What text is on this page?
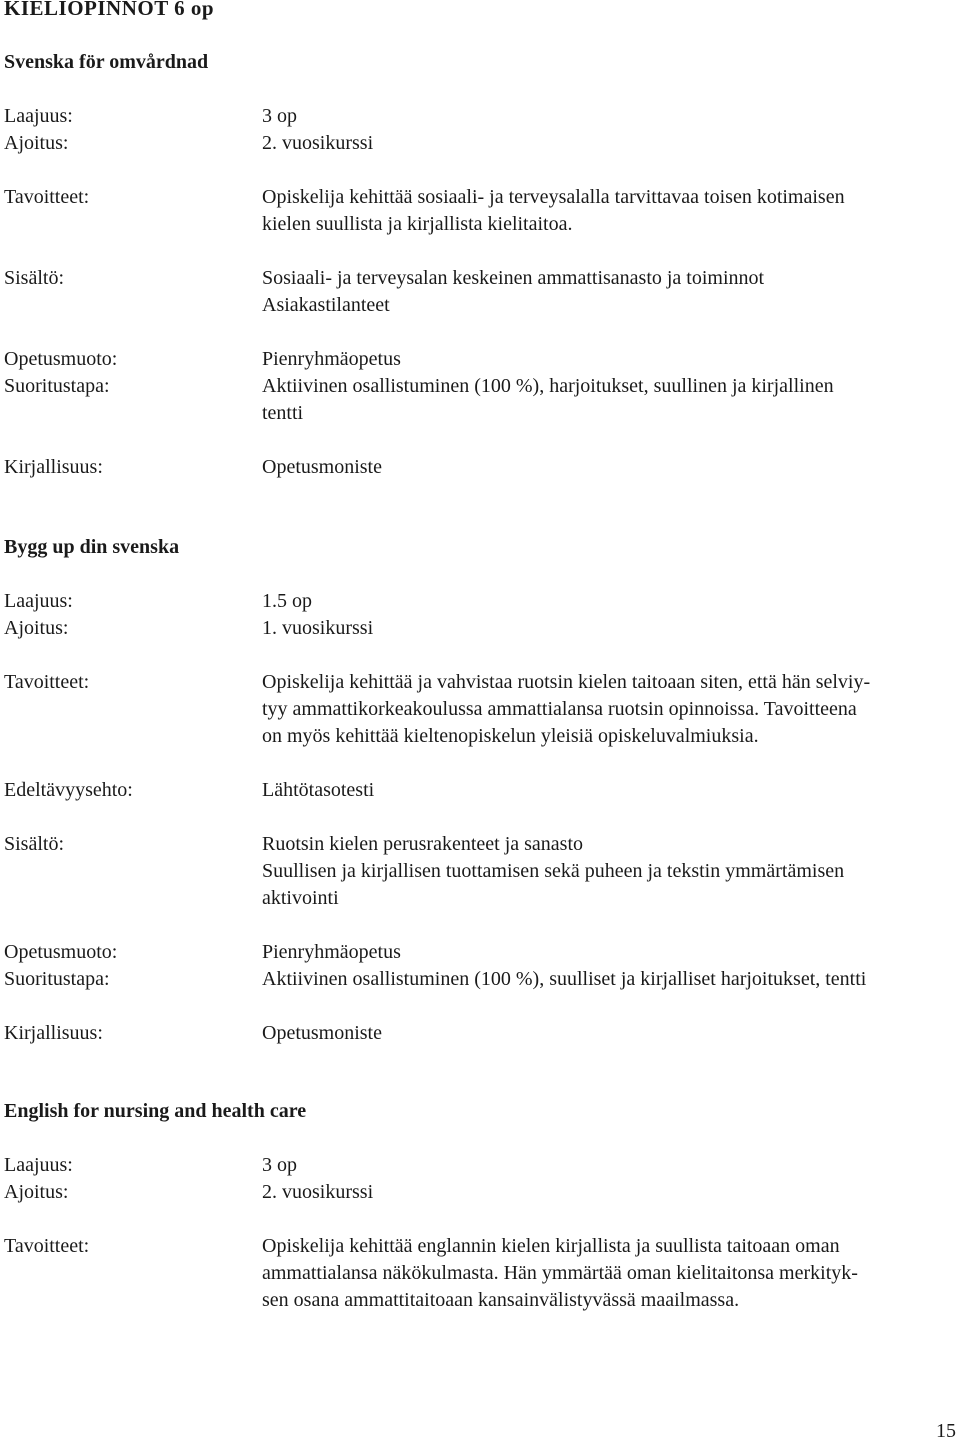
KIELIOPINNOT 6 op
Svenska för omvårdnad
Laajuus:	3 op
Ajoitus:	2. vuosikurssi
Tavoitteet:	Opiskelija kehittää sosiaali- ja terveysalalla tarvittavaa toisen kotimaisen
kielen suullista ja kirjallista kielitaitoa.
Sisältö:	Sosiaali- ja terveysalan keskeinen ammattisanasto ja toiminnot
Asiakastilanteet
Opetusmuoto:	Pienryhmäopetus
Suoritustapa:	Aktiivinen osallistuminen (100 %), harjoitukset, suullinen ja kirjallinen
tentti
Kirjallisuus:	Opetusmoniste
Bygg up din svenska
Laajuus:	1.5 op
Ajoitus:	1. vuosikurssi
Tavoitteet:	Opiskelija kehittää ja vahvistaa ruotsin kielen taitoaan siten, että hän selviy-
tyy ammattikorkeakoulussa ammattialansa ruotsin opinnoissa. Tavoitteena
on myös kehittää kieltenopiskelun yleisiä opiskeluvalmiuksia.
Edeltävyysehto:	Lähtötasotesti
Sisältö:	Ruotsin kielen perusrakenteet ja sanasto
Suullisen ja kirjallisen tuottamisen sekä puheen ja tekstin ymmärtämisen
aktivointi
Opetusmuoto:	Pienryhmäopetus
Suoritustapa:	Aktiivinen osallistuminen (100 %), suulliset ja kirjalliset harjoitukset, tentti
Kirjallisuus:	Opetusmoniste
English for nursing and health care
Laajuus:	3 op
Ajoitus:	2. vuosikurssi
Tavoitteet:	Opiskelija kehittää englannin kielen kirjallista ja suullista taitoaan oman
ammattialansa näkökulmasta. Hän ymmärtää oman kielitaitonsa merkityk-
sen osana ammattitaitoaan kansainvälistyvässä maailmassa.
15
